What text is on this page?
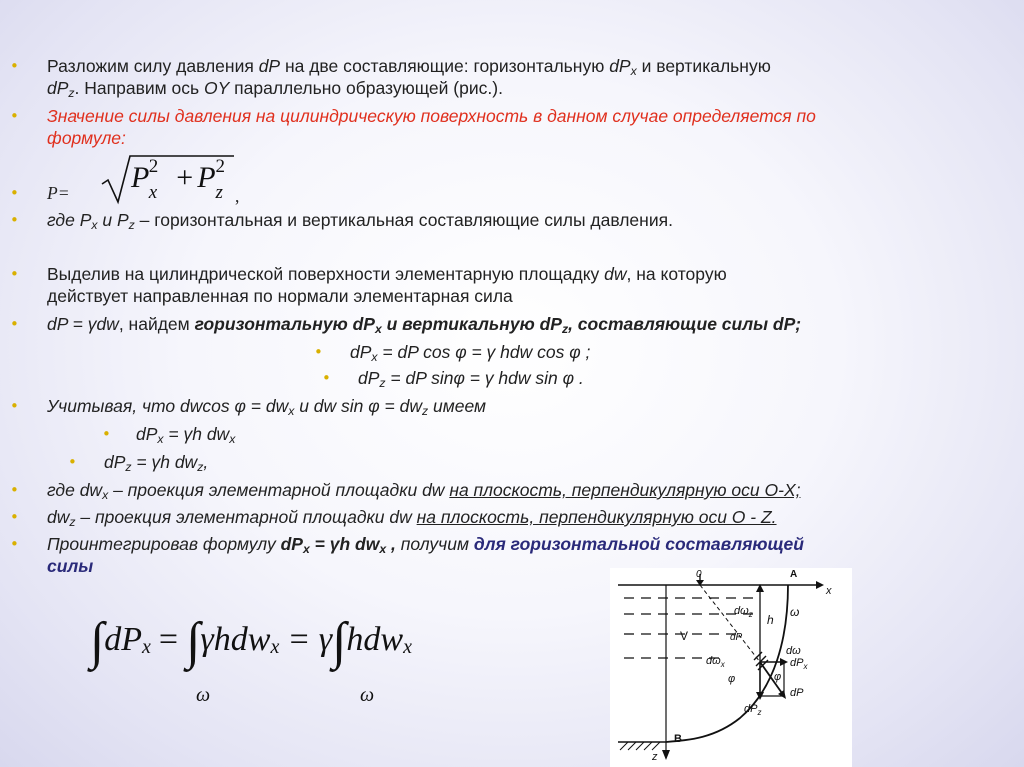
• Разложим силу давления dP на две составляющие: горизонтальную $dP_x$ и вертикальную
$dP_z$. Направим ось OY параллельно образующей (рис.).
• Значение силы давления на цилиндрическую поверхность в данном случае определяется по
формуле:
• P= P 2
x + P 2
z ,
• где $P_x$ и $P_z$ – горизонтальная и вертикальная составляющие силы давления.
• Выделив на цилиндрической поверхности элементарную площадку dw, на которую
действует направленная по нормали элементарная сила
• dP = γdw, найдем горизонтальную $dP_x$ и вертикальную $dP_z$, составляющие силы dP;
• $dP_x$ = dP cos φ = γ hdw cos φ ;
• $dP_z$ = dP sinφ = γ hdw sin φ .
• Учитывая, что dwcos $\varphi = dw_x$ и dw $\sin \varphi = dw_z$ имеем
• $dP_x = \gamma h$ $dw_x$
• $dP_z = \gamma h$ $dw_z$,
• где $dw_x$ – проекция элементарной площадки dw на плоскость, перпендикулярную оси O-X;
• $dw_z$ – проекция элементарной площадки dw на плоскость, перпендикулярную оси O - Z.
• Проинтегрировав формулу $dP_x = \gamma h$ $dw_x$ , получим для горизонтальной составляющей
силы
$\int dP_x = \int\gamma hdw_x = \gamma\int hdw_x$
ω	ω
0	A
x
$d\omega_z$ h
ω
dP
V
dω
$d\omega_x$	$dP_x$
φ	φ
dP
$dP_z$
B
z
